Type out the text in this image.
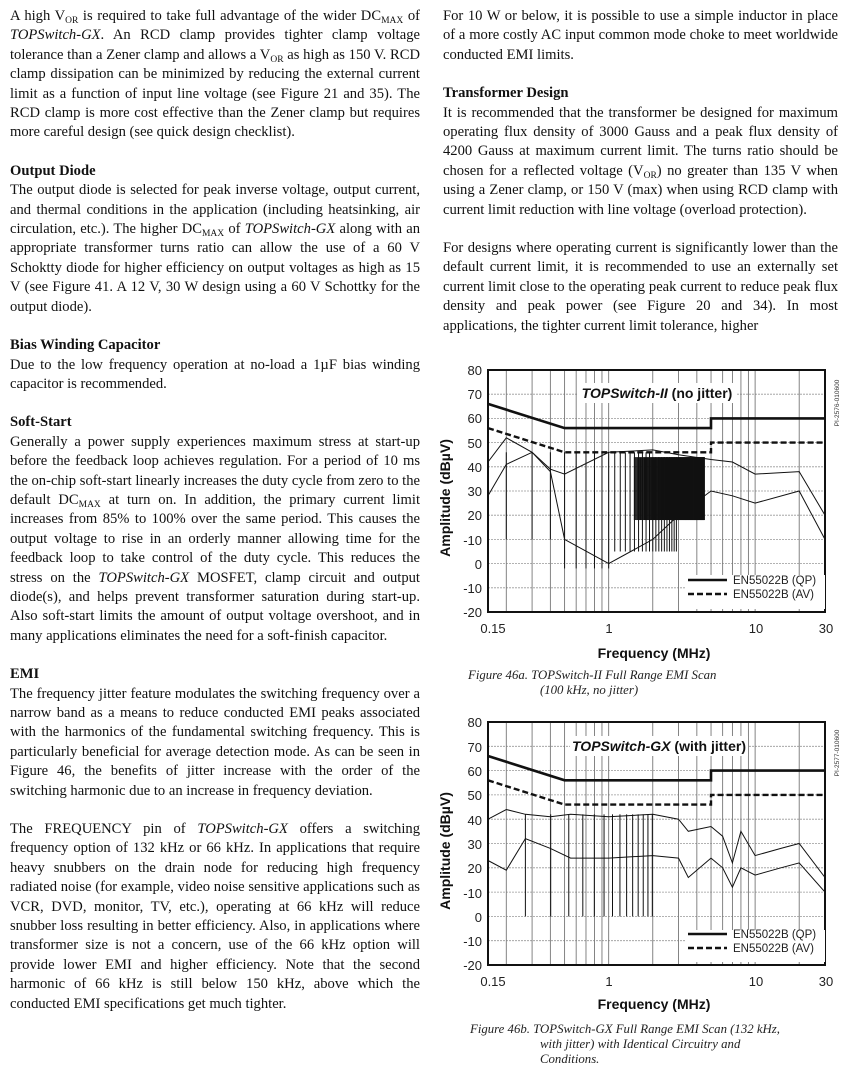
A high $V_{OR}$ is required to take full advantage of the wider $DC_{MAX}$ of TOPSwitch-GX. An RCD clamp provides tighter clamp voltage tolerance than a Zener clamp and allows a $V_{OR}$ as high as 150 V. RCD clamp dissipation can be minimized by reducing the external current limit as a function of input line voltage (see Figure 21 and 35). The RCD clamp is more cost effective than the Zener clamp but requires more careful design (see quick design checklist).

Output Diode

The output diode is selected for peak inverse voltage, output current, and thermal conditions in the application (including heatsinking, air circulation, etc.). The higher $DC_{MAX}$ of TOPSwitch-GX along with an appropriate transformer turns ratio can allow the use of a 60 V Schoktty diode for higher efficiency on output voltages as high as 15 V (see Figure 41. A 12 V, 30 W design using a 60 V Schottky for the output diode).

Bias Winding Capacitor

Due to the low frequency operation at no-load a 1µF bias winding capacitor is recommended.

Soft-Start

Generally a power supply experiences maximum stress at start-up before the feedback loop achieves regulation. For a period of 10 ms the on-chip soft-start linearly increases the duty cycle from zero to the default $DC_{MAX}$ at turn on. In addition, the primary current limit increases from 85% to 100% over the same period. This causes the output voltage to rise in an orderly manner allowing time for the feedback loop to take control of the duty cycle. This reduces the stress on the TOPSwitch-GX MOSFET, clamp circuit and output diode(s), and helps prevent transformer saturation during start-up. Also soft-start limits the amount of output voltage overshoot, and in many applications eliminates the need for a soft-finish capacitor.

EMI

The frequency jitter feature modulates the switching frequency over a narrow band as a means to reduce conducted EMI peaks associated with the harmonics of the fundamental switching frequency. This is particularly beneficial for average detection mode. As can be seen in Figure 46, the benefits of jitter increase with the order of the switching harmonic due to an increase in frequency deviation.

The FREQUENCY pin of TOPSwitch-GX offers a switching frequency option of 132 kHz or 66 kHz. In applications that require heavy snubbers on the drain node for reducing high frequency radiated noise (for example, video noise sensitive applications such as VCR, DVD, monitor, TV, etc.), operating at 66 kHz will reduce snubber loss resulting in better efficiency. Also, in applications where transformer size is not a concern, use of the 66 kHz option will provide lower EMI and higher efficiency. Note that the second harmonic of 66 kHz is still below 150 kHz, above which the conducted EMI specifications get much tighter.

For 10 W or below, it is possible to use a simple inductor in place of a more costly AC input common mode choke to meet worldwide conducted EMI limits.

Transformer Design

It is recommended that the transformer be designed for maximum operating flux density of 3000 Gauss and a peak flux density of 4200 Gauss at maximum current limit. The turns ratio should be chosen for a reflected voltage $(V_{OR})$ no greater than 135 V when using a Zener clamp, or 150 V (max) when using RCD clamp with current limit reduction with line voltage (overload protection).

For designs where operating current is significantly lower than the default current limit, it is recommended to use an externally set current limit close to the operating peak current to reduce peak flux density and peak power (see Figure 20 and 34). In most applications, the tighter current limit tolerance, higher

80
70
60
50
40
30
20
-10
0
-10
-20
Amplitude (dBµV)
0.15	1	10	30
Frequency (MHz)
TOPSwitch-II (no jitter)
EN55022B (QP)
EN55022B (AV)
PI-2576-010600
Figure 46a. TOPSwitch-II Full Range EMI Scan
(100 kHz, no jitter)
80
70
60
50
40
30
20
-10
0
-10
-20
Amplitude (dBµV)
0.15	1	10	30
Frequency (MHz)
TOPSwitch-GX (with jitter)
EN55022B (QP)
EN55022B (AV)
PI-2577-010600
Figure 46b. TOPSwitch-GX Full Range EMI Scan (132 kHz,
with jitter) with Identical Circuitry and
Conditions.
